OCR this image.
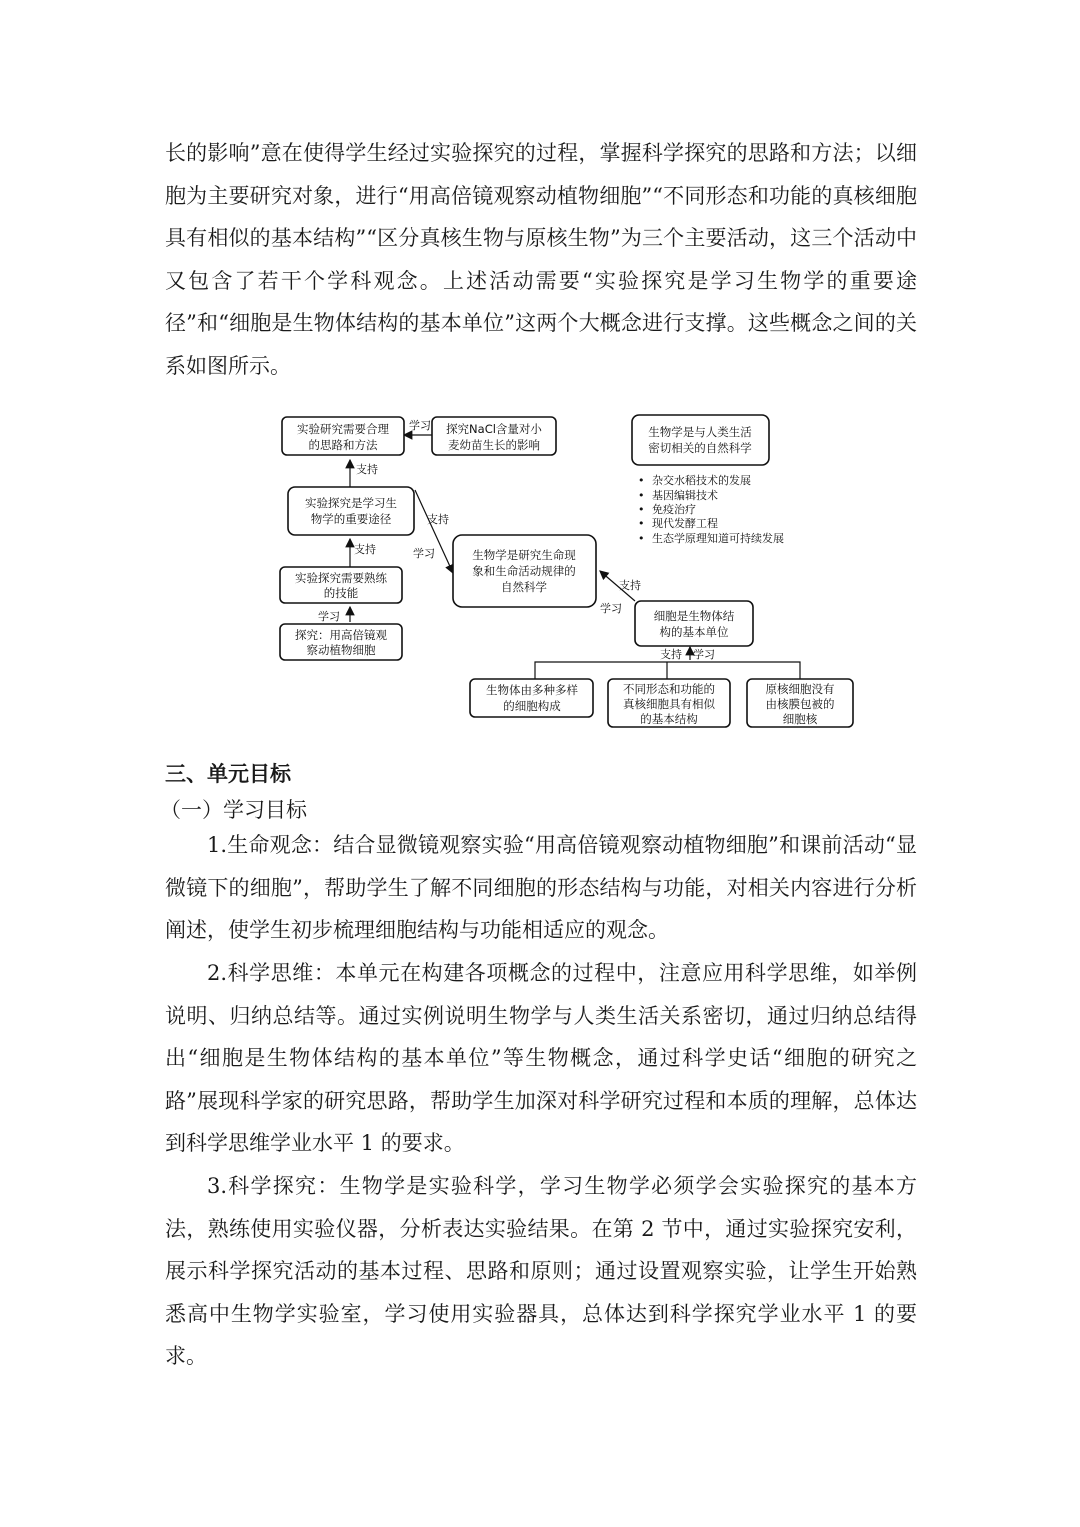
长的影响”意在使得学生经过实验探究的过程，掌握科学探究的思路和方法；以细胞为主要研究对象，进行“用高倍镜观察动植物细胞”“不同形态和功能的真核细胞具有相似的基本结构”“区分真核生物与原核生物”为三个主要活动，这三个活动中又包含了若干个学科观念。上述活动需要“实验探究是学习生物学的重要途径”和“细胞是生物体结构的基本单位”这两个大概念进行支撑。这些概念之间的关系如图所示。

学习
支持
支持
学习
支持
学习
支持
学习
支持 学习
实验研究需要合理
的思路和方法
探究NaCl含量对小
麦幼苗生长的影响
实验探究是学习生
物学的重要途径
实验探究需要熟练
的技能
探究：用高倍镜观
察动植物细胞
生物学是研究生命现
象和生命活动规律的
自然科学
生物学是与人类生活
密切相关的自然科学
• 杂交水稻技术的发展
• 基因编辑技术
• 免疫治疗
• 现代发酵工程
• 生态学原理知道可持续发展
细胞是生物体结
构的基本单位
生物体由多种多样
的细胞构成
不同形态和功能的
真核细胞具有相似
的基本结构
原核细胞没有
由核膜包被的
细胞核
三、单元目标
（一）学习目标

1.生命观念：结合显微镜观察实验“用高倍镜观察动植物细胞”和课前活动“显微镜下的细胞”，帮助学生了解不同细胞的形态结构与功能，对相关内容进行分析阐述，使学生初步梳理细胞结构与功能相适应的观念。

2.科学思维：本单元在构建各项概念的过程中，注意应用科学思维，如举例说明、归纳总结等。通过实例说明生物学与人类生活关系密切，通过归纳总结得出“细胞是生物体结构的基本单位”等生物概念，通过科学史话“细胞的研究之路”展现科学家的研究思路，帮助学生加深对科学研究过程和本质的理解，总体达到科学思维学业水平 1 的要求。

3.科学探究：生物学是实验科学，学习生物学必须学会实验探究的基本方法，熟练使用实验仪器，分析表达实验结果。在第 2 节中，通过实验探究安利，展示科学探究活动的基本过程、思路和原则；通过设置观察实验，让学生开始熟悉高中生物学实验室，学习使用实验器具，总体达到科学探究学业水平 1 的要求。
